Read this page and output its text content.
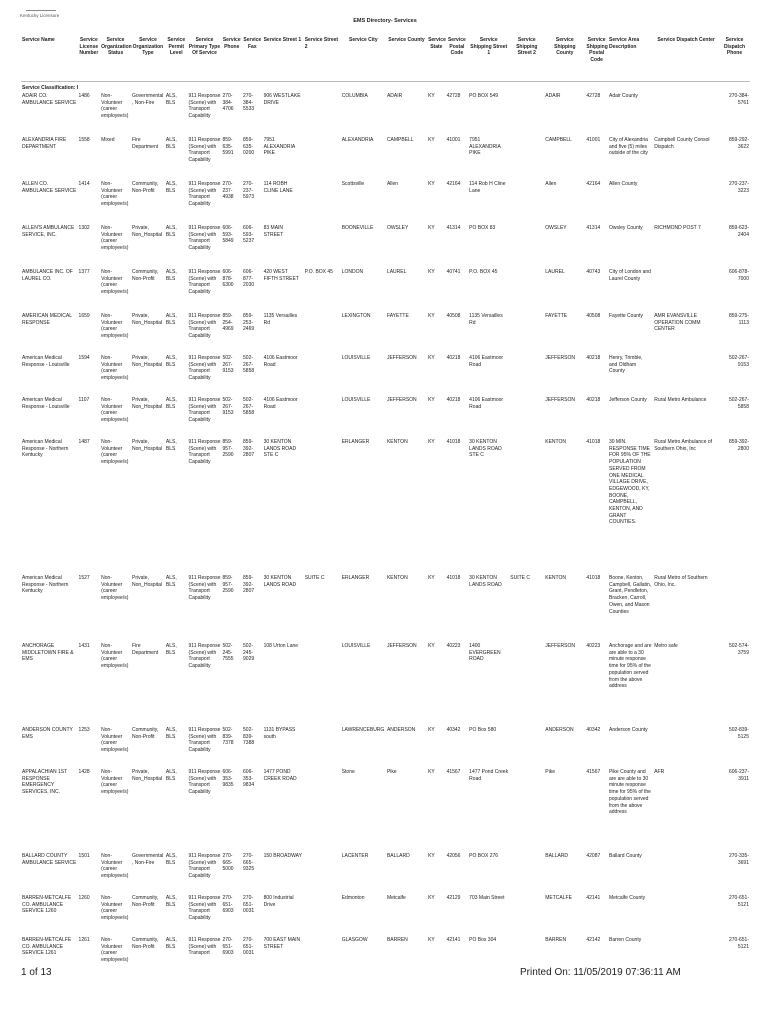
Kentucky Licensure
EMS Directory- Services
Service Name	Service License Number	Service Organization Status	Service Organization Type	Service Permit Level	Service Primary Type Of Service	Service Phone	Service Fax	Service Street 1	Service Street 2	Service City	Service County	Service State	Service Postal Code	Service Shipping Street 1	Service Shipping Street 2	Service Shipping County	Service Shipping Postal Code	Service Area Description	Service Dispatch Center	Service Dispatch Phone
Service Classification: I																				
ADAIR CO. AMBULANCE SERVICE	1486	Non-Volunteer (career employee/s)	Governmental, Non-Fire	ALS, BLS	911 Response (Scene) with Transport Capability	270-384-4706	270-384-5533	906 WESTLAKE DRIVE		COLUMBIA	ADAIR	KY	42728	PO BOX 549		ADAIR	42728	Adair County		270-384-5761
ALEXANDRIA FIRE DEPARTMENT	1558	Mixed	Fire Department	ALS, BLS	911 Response (Scene) with Transport Capability	859-635-5991	859-635-0200	7951 ALEXANDRIA PIKE		ALEXANDRIA	CAMPBELL	KY	41001	7951 ALEXANDRIA PIKE		CAMPBELL	41001	City of Alexandria and five (5) miles outside of the city	Campbell County Consol Dispatch	859-292-3622
ALLEN CO. AMBULANCE SERVICE	1414	Non-Volunteer (career employee/s)	Community, Non-Profit	ALS, BLS	911 Response (Scene) with Transport Capability	270-237-4938	270-237-5973	114 ROBH CLINE LANE		Scottsville	Allen	KY	42164	114 Rob H Cline Lane		Allen	42164	Allen County		270-237-3223
ALLEN'S AMBULANCE SERVICE, INC.	1302	Non-Volunteer (career employee/s)	Private, Non_Hospital	ALS, BLS	911 Response (Scene) with Transport Capability	606-593-5849	606-593-5237	83 MAIN STREET		BOONEVILLE	OWSLEY	KY	41314	PO BOX 83		OWSLEY	41314	Owsley County	RICHMOND POST 7	859-623-2404
AMBULANCE INC. OF LAUREL CO.	1377	Non-Volunteer (career employee/s)	Community, Non-Profit	ALS, BLS	911 Response (Scene) with Transport Capability	606-878-6300	606-877-2030	420 WEST FIFTH STREET	P.O. BOX 45	LONDON	LAUREL	KY	40741	P.O. BOX 45		LAUREL	40743	City of London and Laurel County		606-878-7000
AMERICAN MEDICAL RESPONSE	1659	Non-Volunteer (career employee/s)	Private, Non_Hospital	ALS, BLS	911 Response (Scene) with Transport Capability	859-254-4969	859-253-2469	1135 Versailles Rd		LEXINGTON	FAYETTE	KY	40508	1135 Versailles Rd		FAYETTE	40508	Fayette County	AMR EVANSVILLE OPERATION COMM CENTER	859-275-1113
American Medical Response - Louisville	1594	Non-Volunteer (career employee/s)	Private, Non_Hospital	ALS, BLS	911 Response (Scene) with Transport Capability	502-267-9153	502-267-5858	4106 Eastmoor Road		LOUISVILLE	JEFFERSON	KY	40218	4106 Eastmoor Road		JEFFERSON	40218	Henry, Trimble, and Oldham County		502-267-9153
American Medical Response - Louisville	1107	Non-Volunteer (career employee/s)	Private, Non_Hospital	ALS, BLS	911 Response (Scene) with Transport Capability	502-267-9153	502-267-5858	4106 Eastmoor Road		LOUISVILLE	JEFFERSON	KY	40218	4106 Eastmoor Road		JEFFERSON	40218	Jefferson County	Rural Metro Ambulance	502-267-5858
American Medical Response - Northern Kentucky	1487	Non-Volunteer (career employee/s)	Private, Non_Hospital	ALS, BLS	911 Response (Scene) with Transport Capability	859-957-2590	859-392-2807	30 KENTON LANDS ROAD STE C		ERLANGER	KENTON	KY	41018	30 KENTON LANDS ROAD STE C		KENTON	41018	30 MIN. RESPONSE TIME FOR 95% OF THE POPULATION SERVED FROM ONE MEDICAL VILLAGE DRIVE, EDGEWOOD, KY, BOONE, CAMPBELL, KENTON, AND GRANT COUNTIES.	Rural Metro Ambulance of Southern Ohio, Inc	859-392-2800
American Medical Response - Northern Kentucky	1527	Non-Volunteer (career employee/s)	Private, Non_Hospital	ALS, BLS	911 Response (Scene) with Transport Capability	859-957-2590	859-392-2807	30 KENTON LANDS ROAD	SUITE C	ERLANGER	KENTON	KY	41018	30 KENTON LANDS ROAD	SUITE C	KENTON	41018	Boone, Kenton, Campbell, Gallatin, Grant, Pendleton, Bracken, Carroll, Owen, and Mason Counties	Rural Metro of Southern Ohio, Inc.	
ANCHORAGE MIDDLETOWN FIRE & EMS	1431	Non-Volunteer (career employee/s)	Fire Department	ALS, BLS	911 Response (Scene) with Transport Capability	502-245-7555	502-245-9029	108 Urton Lane		LOUISVILLE	JEFFERSON	KY	40223	1400 EVERGREEN ROAD		JEFFERSON	40223	Anchorage and are are able to a 30 minute response time for 95% of the population served from the above address	Metro safe	502-574-3759
ANDERSON COUNTY EMS	1253	Non-Volunteer (career employee/s)	Community, Non-Profit	ALS, BLS	911 Response (Scene) with Transport Capability	502-839-7378	502-839-7388	1131 BYPASS south		LAWRENCEBURG	ANDERSON	KY	40342	PO Box 580		ANDERSON	40342	Anderson County		502-839-5125
APPALACHIAN 1ST RESPONSE EMERGENCY SERVICES, INC.	1428	Non-Volunteer (career employee/s)	Private, Non_Hospital	ALS, BLS	911 Response (Scene) with Transport Capability	606-353-9835	606-353-9834	1477 POND CREEK ROAD		Stone	Pike	KY	41567	1477 Pond Creek Road		Pike	41567	Pike County and are are able to 30 minute response time for 95% of the population served from the above address	AFR	606-237-3911
BALLARD COUNTY AMBULANCE SERVICE	1501	Non-Volunteer (career employee/s)	Governmental, Non-Fire	ALS, BLS	911 Response (Scene) with Transport Capability	270-665-5000	270-665-9325	150 BROADWAY		LACENTER	BALLARD	KY	42056	PO BOX 276		BALLARD	42087	Ballard County		270-335-3691
BARREN-METCALFE CO. AMBULANCE SERVICE 1260	1260	Non-Volunteer (career employee/s)	Community, Non-Profit	ALS, BLS	911 Response (Scene) with Transport Capability	270-651-6903	270-651-0031	800 Industrial Drive		Edmonton	Metcalfe	KY	42129	703 Main Street		METCALFE	42141	Metcalfe County		270-651-5121
BARREN-METCALFE CO. AMBULANCE SERVICE 1261	1261	Non-Volunteer (career employee/s)	Community, Non-Profit	ALS, BLS	911 Response (Scene) with Transport	270-651-6903	270-651-0031	700 EAST MAIN STREET		GLASGOW	BARREN	KY	42141	PO Box 304		BARREN	42142	Barren County		270-651-5121
1 of 13	Printed On: 11/05/2019 07:36:11 AM
